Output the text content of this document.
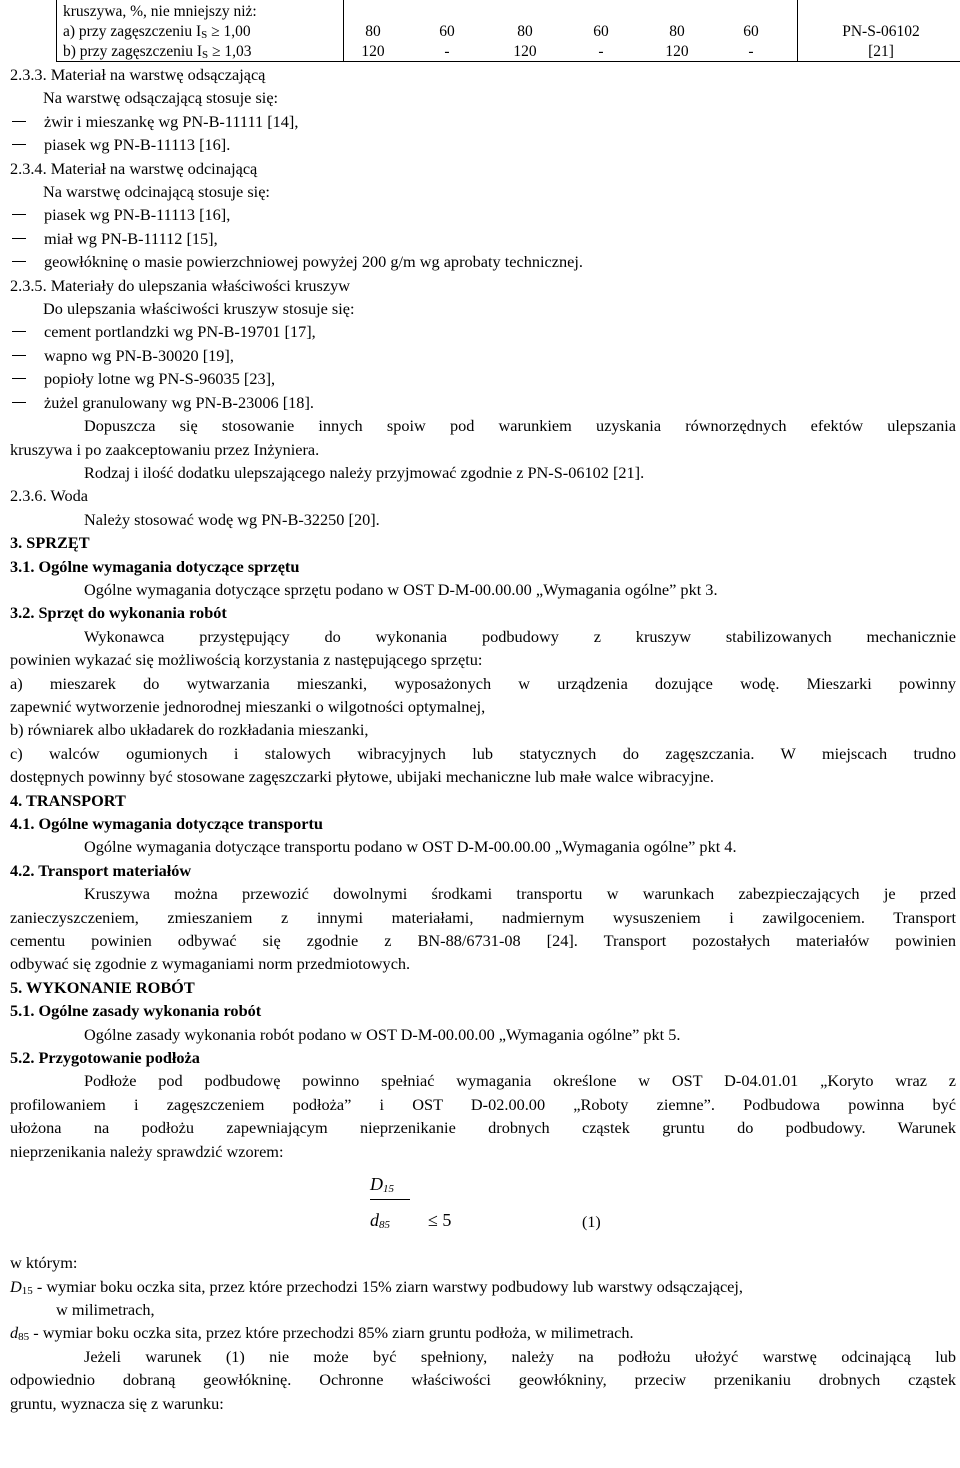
kruszywa, %, nie mniejszy niż:
a) przy zagęszczeniu $I_S \ge 1,00$
b) przy zagęszczeniu $I_S \ge 1,03$
80
120
60
-
80
120
60
-
80
120
60
-
PN-S-06102
[21]
2.3.3. Materiał na warstwę odsączającą
Na warstwę odsączającą stosuje się:
żwir i mieszankę wg PN-B-11111 [14],
piasek wg PN-B-11113 [16].
2.3.4. Materiał na warstwę odcinającą
Na warstwę odcinającą stosuje się:
piasek wg PN-B-11113 [16],
miał wg PN-B-11112 [15],
geowłókninę o masie powierzchniowej powyżej 200 g/m wg aprobaty technicznej.
2.3.5. Materiały do ulepszania właściwości kruszyw
Do ulepszania właściwości kruszyw stosuje się:
cement portlandzki wg PN-B-19701 [17],
wapno wg PN-B-30020 [19],
popioły lotne wg PN-S-96035 [23],
żużel granulowany wg PN-B-23006 [18].
Dopuszcza się stosowanie innych spoiw pod warunkiem uzyskania równorzędnych efektów ulepszania
kruszywa i po zaakceptowaniu przez Inżyniera.
Rodzaj i ilość dodatku ulepszającego należy przyjmować zgodnie z PN-S-06102 [21].
2.3.6. Woda
Należy stosować wodę wg PN-B-32250 [20].
3. SPRZĘT
3.1. Ogólne wymagania dotyczące sprzętu
Ogólne wymagania dotyczące sprzętu podano w OST D-M-00.00.00 „Wymagania ogólne” pkt 3.
3.2. Sprzęt do wykonania robót
Wykonawca przystępujący do wykonania podbudowy z kruszyw stabilizowanych mechanicznie
powinien wykazać się możliwością korzystania z następującego sprzętu:
a) mieszarek do wytwarzania mieszanki, wyposażonych w urządzenia dozujące wodę. Mieszarki powinny
zapewnić wytworzenie jednorodnej mieszanki o wilgotności optymalnej,
b) równiarek albo układarek do rozkładania mieszanki,
c) walców ogumionych i stalowych wibracyjnych lub statycznych do zagęszczania. W miejscach trudno
dostępnych powinny być stosowane zagęszczarki płytowe, ubijaki mechaniczne lub małe walce wibracyjne.
4. TRANSPORT
4.1. Ogólne wymagania dotyczące transportu
Ogólne wymagania dotyczące transportu podano w OST D-M-00.00.00 „Wymagania ogólne” pkt 4.
4.2. Transport materiałów
Kruszywa można przewozić dowolnymi środkami transportu w warunkach zabezpieczających je przed
zanieczyszczeniem, zmieszaniem z innymi materiałami, nadmiernym wysuszeniem i zawilgoceniem. Transport
cementu powinien odbywać się zgodnie z BN-88/6731-08 [24]. Transport pozostałych materiałów powinien
odbywać się zgodnie z wymaganiami norm przedmiotowych.
5. WYKONANIE ROBÓT
5.1. Ogólne zasady wykonania robót
Ogólne zasady wykonania robót podano w OST D-M-00.00.00 „Wymagania ogólne” pkt 5.
5.2. Przygotowanie podłoża
Podłoże pod podbudowę powinno spełniać wymagania określone w OST D-04.01.01 „Koryto wraz z
profilowaniem i zagęszczeniem podłoża” i OST D-02.00.00 „Roboty ziemne”. Podbudowa powinna być
ułożona na podłożu zapewniającym nieprzenikanie drobnych cząstek gruntu do podbudowy. Warunek
nieprzenikania należy sprawdzić wzorem:
$D_{15}$
$d_{85} \le 5$	(1)
w którym:
$D_{15}$ - wymiar boku oczka sita, przez które przechodzi 15% ziarn warstwy podbudowy lub warstwy odsączającej,
w milimetrach,
$d_{85}$ - wymiar boku oczka sita, przez które przechodzi 85% ziarn gruntu podłoża, w milimetrach.
Jeżeli warunek (1) nie może być spełniony, należy na podłożu ułożyć warstwę odcinającą lub
odpowiednio dobraną geowłókninę. Ochronne właściwości geowłókniny, przeciw przenikaniu drobnych cząstek
gruntu, wyznacza się z warunku:
